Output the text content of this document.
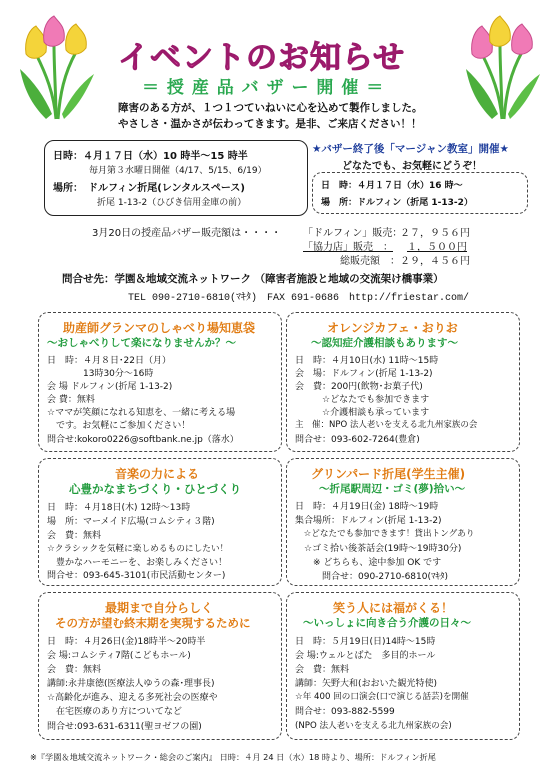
イベントのお知らせ
＝ 授 産 品 バ ザ ー 開 催 ＝
障害のある方が、１つ１つていねいに心を込めて製作しました。
やさしさ・温かさが伝わってきます。是非、ご来店ください！！
日時：４月１７日（水）10 時半～15 時半
毎月第３水曜日開催（4/17、5/15、6/19）
場所：　ドルフィン折尾(レンタルスペース)
折尾 1-13-2（ひびき信用金庫の前）
★バザー終了後「マージャン教室」開催★
どなたでも、お気軽にどうぞ！
日　時：４月１７日（水）16 時～
場　所：ドルフィン（折尾 1-13-2）
3月20日の授産品バザー販売額は・・・・ 「ドルフィン」販売：
２７，９５６円
「協力店」販売　： １，５００円
総販売額　： ２９，４５６円
問合せ先：学園＆地域交流ネットワーク （障害者施設と地域の交流架け橋事業）
TEL 090-2710-6810(ﾏｷﾀ)　FAX 691-0686　http://friestar.com/
助産師グランマのしゃべり場知恵袋
～おしゃべりして楽になりませんか？～
日　時：４月８日･22日（月）
　　　　13時30分～16時
会 場 ドルフィン(折尾 1-13-2)
会 費：無料
☆ママが笑顔になれる知恵を、一緒に考える場
　です。お気軽にご参加ください！
問合せ:kokoro0226@softbank.ne.jp（落水）
オレンジカフェ・おりお
～認知症介護相談もあります～
日　時：４月10日(水) 11時～15時
会　場：ドルフィン(折尾 1-13-2)
会　費：200円(飲物･お菓子代)
　　　☆どなたでも参加できます
　　　☆介護相談も承っています
主　催：NPO 法人老いを支える北九州家族の会
問合せ：093-602-7264(豊倉)
音楽の力による
心豊かなまちづくり・ひとづくり
日　時：４月18日(木) 12時～13時
場　所：マーメイド広場(コムシティ３階)
会　費：無料
☆クラシックを気軽に楽しめるものにしたい！
　豊かなハーモニーを、お楽しみください！
問合せ：093-645-3101(市民活動センター)
グリンパード折尾(学生主催)
～折尾駅周辺・ゴミ(夢)拾い～
日　時：４月19日(金) 18時～19時
集合場所：ドルフィン(折尾 1-13-2)
　☆どなたでも参加できます！貸出トングあり
　☆ゴミ拾い後茶話会(19時～19時30分)
　　※ どちらも、途中参加 OK です
　　　問合せ：090-2710-6810(ﾏｷﾀ)
最期まで自分らしく
その方が望む終末期を実現するために
日　時：４月26日(金)18時半～20時半
会 場:コムシティ7階(こどもホール)
会　費：無料
講師:永井康徳(医療法人ゆうの森･理事長)
☆高齢化が進み、迎える多死社会の医療や
　在宅医療のあり方についてなど
問合せ:093-631-6311(聖ヨゼフの園)
笑う人には福がくる！
～いっしょに向き合う介護の日々～
日　時：５月19日(日)14時～15時
会 場:ウェルとばた　多目的ホール
会　費：無料
講師：矢野大和(おおいた観光特使)
☆年 400 回の口演会(口で演じる話芸)を開催
問合せ：093-882-5599
(NPO 法人老いを支える北九州家族の会)
※『学園＆地域交流ネットワーク・総会のご案内』 日時：４月 24 日（水）18 時より、場所：ドルフィン折尾
